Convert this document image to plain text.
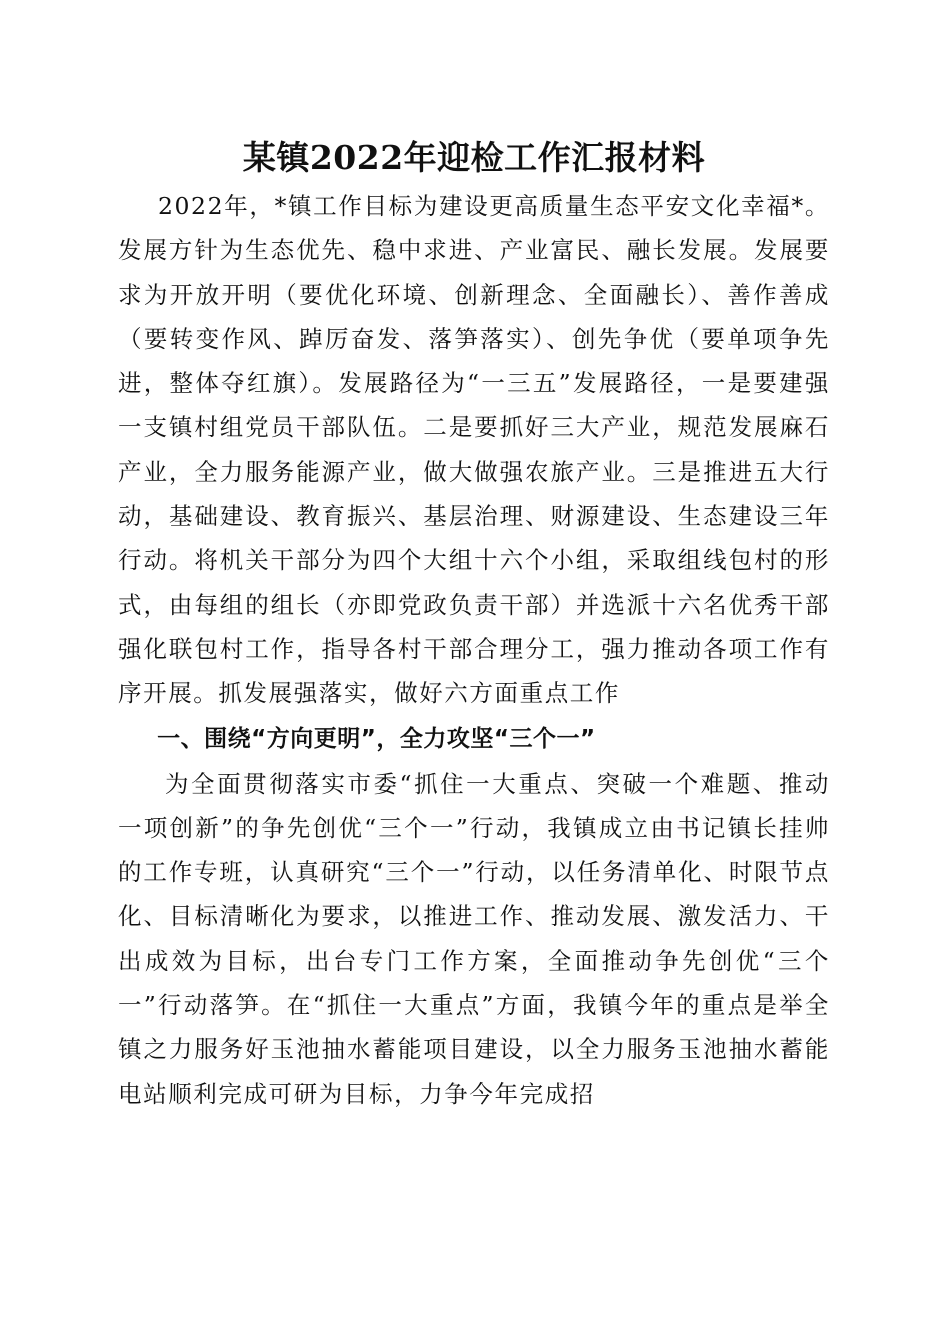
某镇2022年迎检工作汇报材料

2022年，*镇工作目标为建设更高质量生态平安文化幸福*。发展方针为生态优先、稳中求进、产业富民、融长发展。发展要求为开放开明（要优化环境、创新理念、全面融长）、善作善成（要转变作风、踔厉奋发、落笋落实）、创先争优（要单项争先进，整体夺红旗）。发展路径为“一三五”发展路径，一是要建强一支镇村组党员干部队伍。二是要抓好三大产业，规范发展麻石产业，全力服务能源产业，做大做强农旅产业。三是推进五大行动，基础建设、教育振兴、基层治理、财源建设、生态建设三年行动。将机关干部分为四个大组十六个小组，采取组线包村的形式，由每组的组长（亦即党政负责干部）并选派十六名优秀干部强化联包村工作，指导各村干部合理分工，强力推动各项工作有序开展。抓发展强落实，做好六方面重点工作

一、围绕“方向更明”，全力攻坚“三个一”

为全面贯彻落实市委“抓住一大重点、突破一个难题、推动一项创新”的争先创优“三个一”行动，我镇成立由书记镇长挂帅的工作专班，认真研究“三个一”行动，以任务清单化、时限节点化、目标清晰化为要求，以推进工作、推动发展、激发活力、干出成效为目标，出台专门工作方案，全面推动争先创优“三个一”行动落笋。在“抓住一大重点”方面，我镇今年的重点是举全镇之力服务好玉池抽水蓄能项目建设，以全力服务玉池抽水蓄能电站顺利完成可研为目标，力争今年完成招
